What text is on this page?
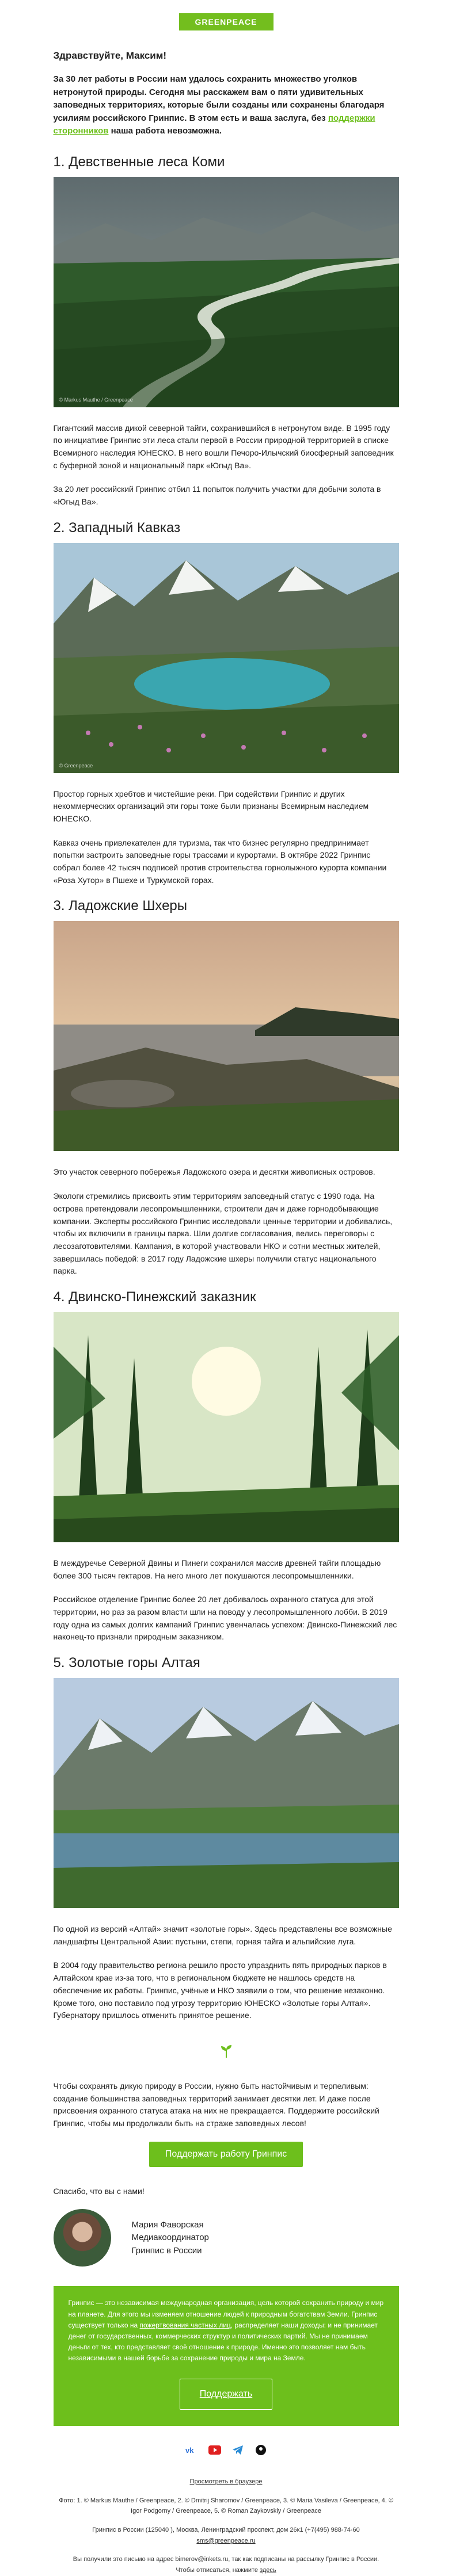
GREENPEACE
Здравствуйте, Максим!
За 30 лет работы в России нам удалось сохранить множество уголков нетронутой природы. Сегодня мы расскажем вам о пяти удивительных заповедных территориях, которые были созданы или сохранены благодаря усилиям российского Гринпис. В этом есть и ваша заслуга, без поддержки сторонников наша работа невозможна.
1. Девственные леса Коми
© Markus Mauthe / Greenpeace

Гигантский массив дикой северной тайги, сохранившийся в нетронутом виде. В 1995 году по инициативе Гринпис эти леса стали первой в России природной территорией в списке Всемирного наследия ЮНЕСКО. В него вошли Печоро-Илычский биосферный заповедник с буферной зоной и национальный парк «Югыд Ва».

За 20 лет российский Гринпис отбил 11 попыток получить участки для добычи золота в «Югыд Ва».

2. Западный Кавказ
© Greenpeace

Простор горных хребтов и чистейшие реки. При содействии Гринпис и других некоммерческих организаций эти горы тоже были признаны Всемирным наследием ЮНЕСКО.

Кавказ очень привлекателен для туризма, так что бизнес регулярно предпринимает попытки застроить заповедные горы трассами и курортами. В октябре 2022 Гринпис собрал более 42 тысяч подписей против строительства горнолыжного курорта компании «Роза Хутор» в Пшехе и Туркумской горах.

3. Ладожские Шхеры

Это участок северного побережья Ладожского озера и десятки живописных островов.

Экологи стремились присвоить этим территориям заповедный статус с 1990 года. На острова претендовали лесопромышленники, строители дач и даже горнодобывающие компании. Эксперты российского Гринпис исследовали ценные территории и добивались, чтобы их включили в границы парка. Шли долгие согласования, велись переговоры с лесозаготовителями. Кампания, в которой участвовали НКО и сотни местных жителей, завершилась победой: в 2017 году Ладожские шхеры получили статус национального парка.

4. Двинско-Пинежский заказник

В междуречье Северной Двины и Пинеги сохранился массив древней тайги площадью более 300 тысяч гектаров. На него много лет покушаются лесопромышленники.

Российское отделение Гринпис более 20 лет добивалось охранного статуса для этой территории, но раз за разом власти шли на поводу у лесопромышленного лобби. В 2019 году одна из самых долгих кампаний Гринпис увенчалась успехом: Двинско-Пинежский лес наконец-то признали природным заказником.

5. Золотые горы Алтая

По одной из версий «Алтай» значит «золотые горы». Здесь представлены все возможные ландшафты Центральной Азии: пустыни, степи, горная тайга и альпийские луга.

В 2004 году правительство региона решило просто упразднить пять природных парков в Алтайском крае из-за того, что в региональном бюджете не нашлось средств на обеспечение их работы. Гринпис, учёные и НКО заявили о том, что решение незаконно. Кроме того, оно поставило под угрозу территорию ЮНЕСКО «Золотые горы Алтая». Губернатору пришлось отменить принятое решение.

Чтобы сохранять дикую природу в России, нужно быть настойчивым и терпеливым: создание большинства заповедных территорий занимает десятки лет. И даже после присвоения охранного статуса атака на них не прекращается. Поддержите российский Гринпис, чтобы мы продолжали быть на страже заповедных лесов!

Поддержать работу Гринпис

Спасибо, что вы с нами!

Мария Фаворская
Медиакоординатор
Гринпис в России
Гринпис — это независимая международная организация, цель которой сохранить природу и мир на планете. Для этого мы изменяем отношение людей к природным богатствам Земли. Гринпис существует только на пожертвования частных лиц, распределяет наши доходы: и не принимает денег от государственных, коммерческих структур и политических партий. Мы не принимаем деньги от тех, кто представляет своё отношение к природе. Именно это позволяет нам быть независимыми в нашей борьбе за сохранение природы и мира на Земле.
Поддержать
vk
Просмотреть в браузере
Фото: 1. © Markus Mauthe / Greenpeace, 2. © Dmitrij Sharomov / Greenpeace, 3. © Maria Vasileva / Greenpeace, 4. © Igor Podgorny / Greenpeace, 5. © Roman Zaykovskiy / Greenpeace
Гринпис в России (125040 ), Москва, Ленинградский проспект, дом 26к1 (+7(495) 988-74-60
sms@greenpeace.ru
Вы получили это письмо на адрес bimerov@inkets.ru, так как подписаны на рассылку Гринпис в России.
Чтобы отписаться, нажмите здесь
